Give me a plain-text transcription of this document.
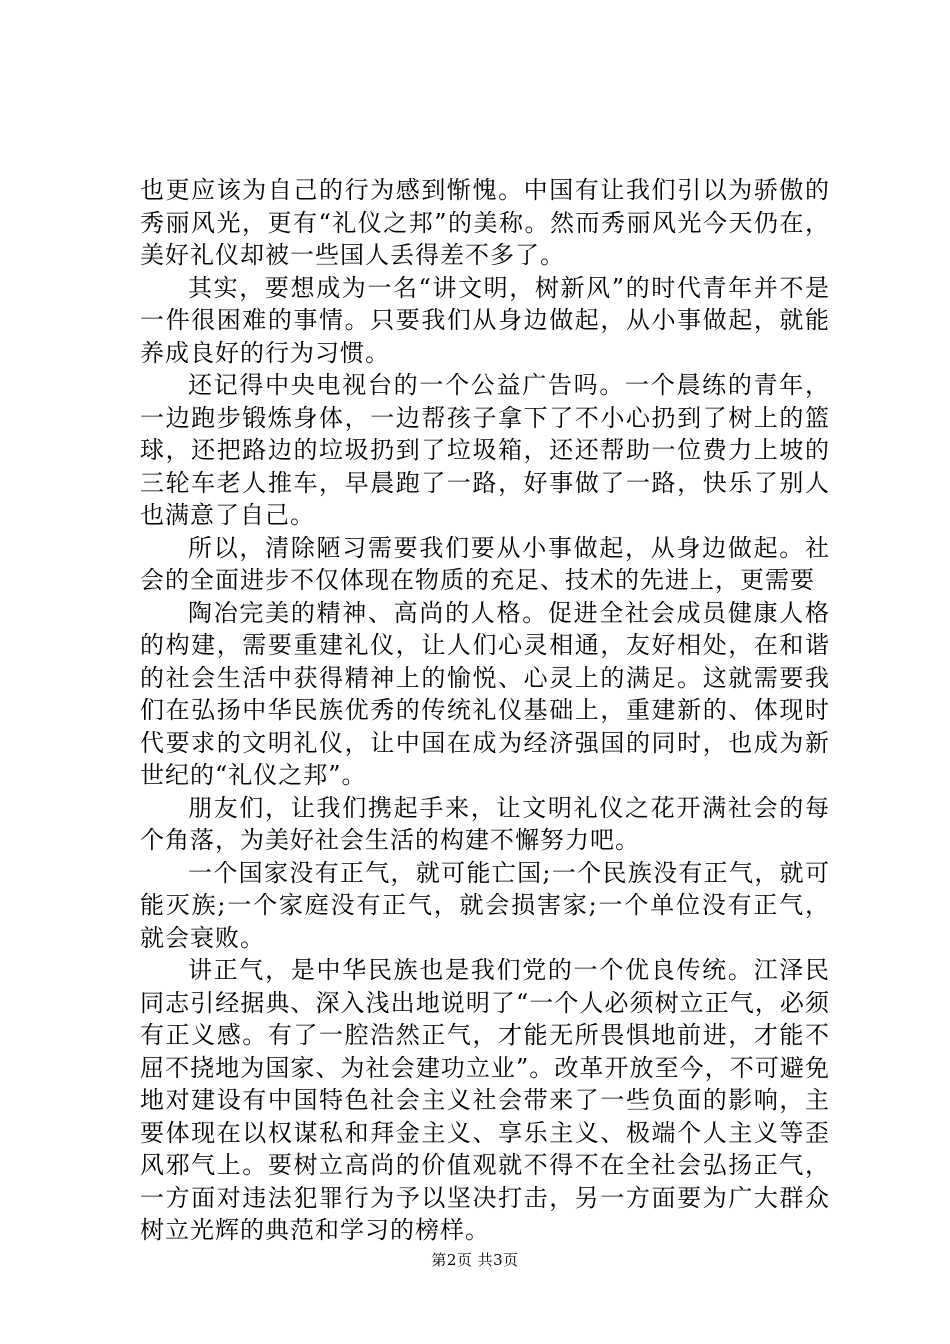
也更应该为自己的行为感到惭愧。中国有让我们引以为骄傲的秀丽风光，更有“礼仪之邦”的美称。然而秀丽风光今天仍在，美好礼仪却被一些国人丢得差不多了。

其实，要想成为一名“讲文明，树新风”的时代青年并不是一件很困难的事情。只要我们从身边做起，从小事做起，就能养成良好的行为习惯。

还记得中央电视台的一个公益广告吗。一个晨练的青年，一边跑步锻炼身体，一边帮孩子拿下了不小心扔到了树上的篮球，还把路边的垃圾扔到了垃圾箱，还还帮助一位费力上坡的三轮车老人推车，早晨跑了一路，好事做了一路，快乐了别人也满意了自己。

所以，清除陋习需要我们要从小事做起，从身边做起。社会的全面进步不仅体现在物质的充足、技术的先进上，更需要

陶冶完美的精神、高尚的人格。促进全社会成员健康人格的构建，需要重建礼仪，让人们心灵相通，友好相处，在和谐的社会生活中获得精神上的愉悦、心灵上的满足。这就需要我们在弘扬中华民族优秀的传统礼仪基础上，重建新的、体现时代要求的文明礼仪，让中国在成为经济强国的同时，也成为新世纪的“礼仪之邦”。

朋友们，让我们携起手来，让文明礼仪之花开满社会的每个角落，为美好社会生活的构建不懈努力吧。

一个国家没有正气，就可能亡国;一个民族没有正气，就可能灭族;一个家庭没有正气，就会损害家;一个单位没有正气，就会衰败。

讲正气，是中华民族也是我们党的一个优良传统。江泽民同志引经据典、深入浅出地说明了“一个人必须树立正气，必须有正义感。有了一腔浩然正气，才能无所畏惧地前进，才能不屈不挠地为国家、为社会建功立业”。改革开放至今，不可避免地对建设有中国特色社会主义社会带来了一些负面的影响，主要体现在以权谋私和拜金主义、享乐主义、极端个人主义等歪风邪气上。要树立高尚的价值观就不得不在全社会弘扬正气，一方面对违法犯罪行为予以坚决打击，另一方面要为广大群众树立光辉的典范和学习的榜样。

第2页 共3页
